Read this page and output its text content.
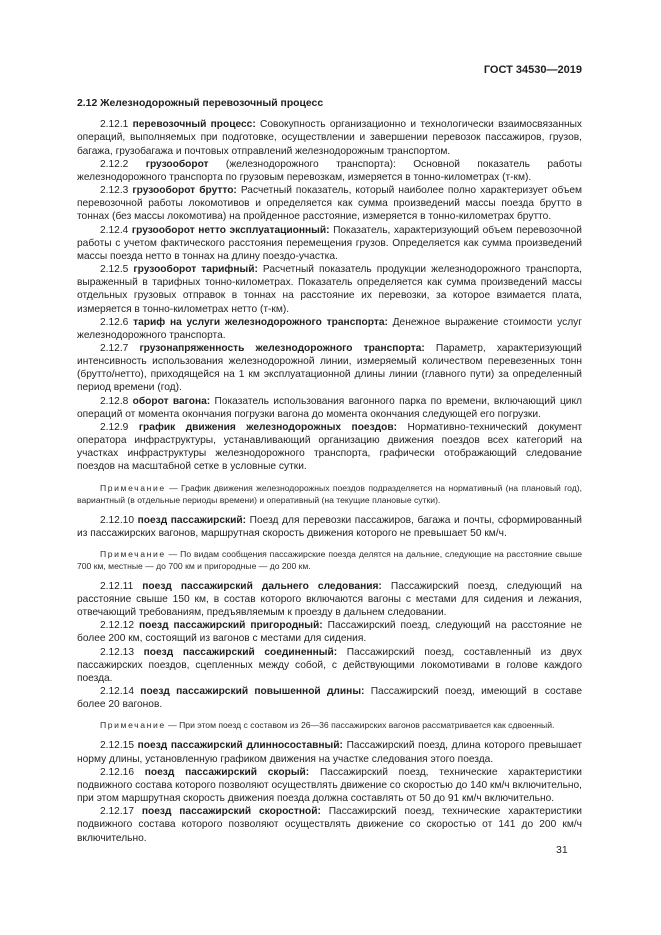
ГОСТ 34530—2019
2.12 Железнодорожный перевозочный процесс

2.12.1 перевозочный процесс: Совокупность организационно и технологически взаимосвязанных операций, выполняемых при подготовке, осуществлении и завершении перевозок пассажиров, грузов, багажа, грузобагажа и почтовых отправлений железнодорожным транспортом.

2.12.2 грузооборот (железнодорожного транспорта): Основной показатель работы железнодорожного транспорта по грузовым перевозкам, измеряется в тонно-километрах (т-км).

2.12.3 грузооборот брутто: Расчетный показатель, который наиболее полно характеризует объем перевозочной работы локомотивов и определяется как сумма произведений массы поезда брутто в тоннах (без массы локомотива) на пройденное расстояние, измеряется в тонно-километрах брутто.

2.12.4 грузооборот нетто эксплуатационный: Показатель, характеризующий объем перевозочной работы с учетом фактического расстояния перемещения грузов. Определяется как сумма произведений массы поезда нетто в тоннах на длину поездо-участка.

2.12.5 грузооборот тарифный: Расчетный показатель продукции железнодорожного транспорта, выраженный в тарифных тонно-километрах. Показатель определяется как сумма произведений массы отдельных грузовых отправок в тоннах на расстояние их перевозки, за которое взимается плата, измеряется в тонно-километрах нетто (т-км).

2.12.6 тариф на услуги железнодорожного транспорта: Денежное выражение стоимости услуг железнодорожного транспорта.

2.12.7 грузонапряженность железнодорожного транспорта: Параметр, характеризующий интенсивность использования железнодорожной линии, измеряемый количеством перевезенных тонн (брутто/нетто), приходящейся на 1 км эксплуатационной длины линии (главного пути) за определенный период времени (год).

2.12.8 оборот вагона: Показатель использования вагонного парка по времени, включающий цикл операций от момента окончания погрузки вагона до момента окончания следующей его погрузки.

2.12.9 график движения железнодорожных поездов: Нормативно-технический документ оператора инфраструктуры, устанавливающий организацию движения поездов всех категорий на участках инфраструктуры железнодорожного транспорта, графически отображающий следование поездов на масштабной сетке в условные сутки.

Примечание — График движения железнодорожных поездов подразделяется на нормативный (на плановый год), вариантный (в отдельные периоды времени) и оперативный (на текущие плановые сутки).

2.12.10 поезд пассажирский: Поезд для перевозки пассажиров, багажа и почты, сформированный из пассажирских вагонов, маршрутная скорость движения которого не превышает 50 км/ч.

Примечание — По видам сообщения пассажирские поезда делятся на дальние, следующие на расстояние свыше 700 км, местные — до 700 км и пригородные — до 200 км.

2.12.11 поезд пассажирский дальнего следования: Пассажирский поезд, следующий на расстояние свыше 150 км, в состав которого включаются вагоны с местами для сидения и лежания, отвечающий требованиям, предъявляемым к проезду в дальнем следовании.

2.12.12 поезд пассажирский пригородный: Пассажирский поезд, следующий на расстояние не более 200 км, состоящий из вагонов с местами для сидения.

2.12.13 поезд пассажирский соединенный: Пассажирский поезд, составленный из двух пассажирских поездов, сцепленных между собой, с действующими локомотивами в голове каждого поезда.

2.12.14 поезд пассажирский повышенной длины: Пассажирский поезд, имеющий в составе более 20 вагонов.

Примечание — При этом поезд с составом из 26—36 пассажирских вагонов рассматривается как сдвоенный.

2.12.15 поезд пассажирский длинносоставный: Пассажирский поезд, длина которого превышает норму длины, установленную графиком движения на участке следования этого поезда.

2.12.16 поезд пассажирский скорый: Пассажирский поезд, технические характеристики подвижного состава которого позволяют осуществлять движение со скоростью до 140 км/ч включительно, при этом маршрутная скорость движения поезда должна составлять от 50 до 91 км/ч включительно.

2.12.17 поезд пассажирский скоростной: Пассажирский поезд, технические характеристики подвижного состава которого позволяют осуществлять движение со скоростью от 141 до 200 км/ч включительно.

31
